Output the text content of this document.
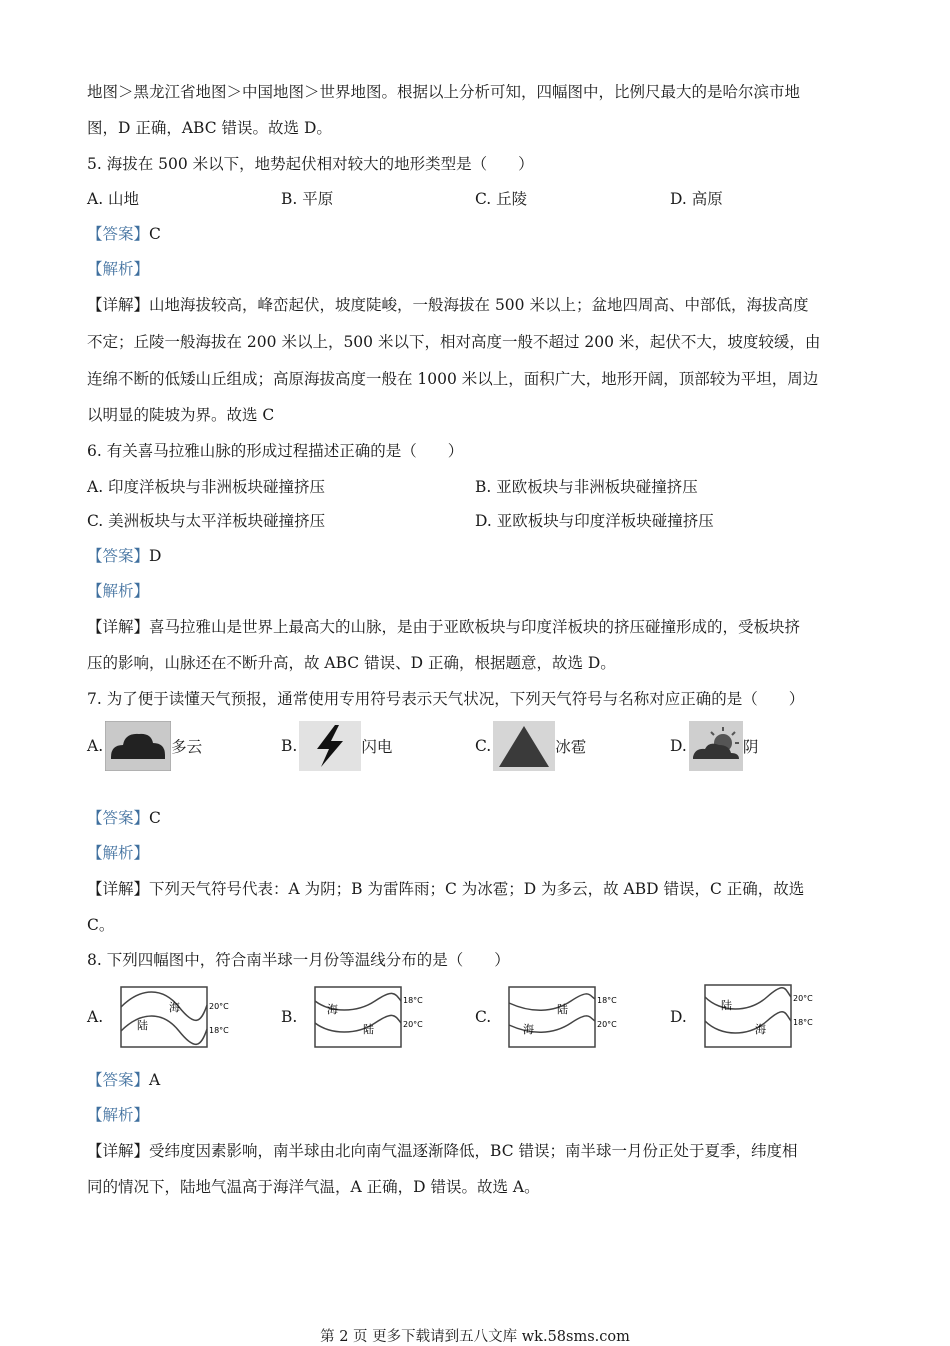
地图＞黑龙江省地图＞中国地图＞世界地图。根据以上分析可知，四幅图中，比例尺最大的是哈尔滨市地
图，D 正确，ABC 错误。故选 D。
5. 海拔在 500 米以下，地势起伏相对较大的地形类型是（　　）
A. 山地	B. 平原	C. 丘陵	D. 高原
【答案】C
【解析】
【详解】山地海拔较高，峰峦起伏，坡度陡峻，一般海拔在 500 米以上；盆地四周高、中部低，海拔高度
不定；丘陵一般海拔在 200 米以上，500 米以下，相对高度一般不超过 200 米，起伏不大，坡度较缓，由
连绵不断的低矮山丘组成；高原海拔高度一般在 1000 米以上，面积广大，地形开阔，顶部较为平坦，周边
以明显的陡坡为界。故选 C
6. 有关喜马拉雅山脉的形成过程描述正确的是（　　）
A. 印度洋板块与非洲板块碰撞挤压	B. 亚欧板块与非洲板块碰撞挤压
C. 美洲板块与太平洋板块碰撞挤压	D. 亚欧板块与印度洋板块碰撞挤压
【答案】D
【解析】
【详解】喜马拉雅山是世界上最高大的山脉，是由于亚欧板块与印度洋板块的挤压碰撞形成的，受板块挤
压的影响，山脉还在不断升高，故 ABC 错误、D 正确，根据题意，故选 D。
7. 为了便于读懂天气预报，通常使用专用符号表示天气状况，下列天气符号与名称对应正确的是（　　）
A.	多云	B.	闪电	C.	冰雹	D.	阴
【答案】C
【解析】
【详解】下列天气符号代表：A 为阴；B 为雷阵雨；C 为冰雹；D 为多云，故 ABD 错误，C 正确，故选
C。
8. 下列四幅图中，符合南半球一月份等温线分布的是（　　）
A.
海
陆
20°C
18°C
B.	海
陆
18°C
20°C	C.	陆
海
18°C
20°C	D.
陆
海
20°C
18°C
【答案】A
【解析】
【详解】受纬度因素影响，南半球由北向南气温逐渐降低，BC 错误；南半球一月份正处于夏季，纬度相
同的情况下，陆地气温高于海洋气温，A 正确，D 错误。故选 A。
第 2 页 更多下载请到五八文库 wk.58sms.com
